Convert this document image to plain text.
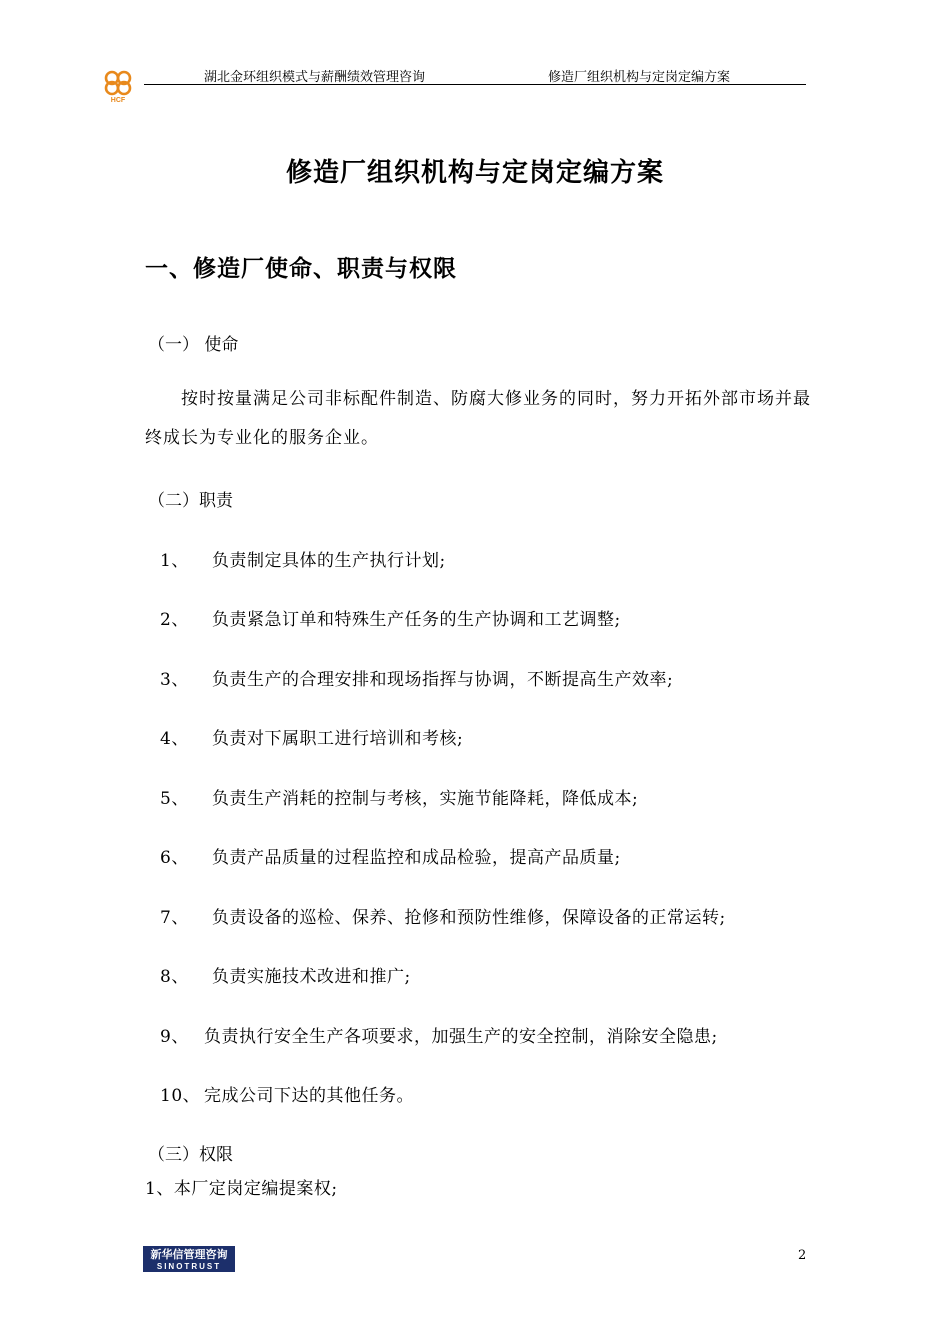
HCF
湖北金环组织模式与薪酬绩效管理咨询	修造厂组织机构与定岗定编方案
修造厂组织机构与定岗定编方案
一、修造厂使命、职责与权限
（一） 使命
按时按量满足公司非标配件制造、防腐大修业务的同时，努力开拓外部市场并最终成长为专业化的服务企业。
（二）职责
1、 负责制定具体的生产执行计划;
2、 负责紧急订单和特殊生产任务的生产协调和工艺调整;
3、 负责生产的合理安排和现场指挥与协调，不断提高生产效率;
4、 负责对下属职工进行培训和考核;
5、 负责生产消耗的控制与考核，实施节能降耗，降低成本;
6、 负责产品质量的过程监控和成品检验，提高产品质量;
7、 负责设备的巡检、保养、抢修和预防性维修，保障设备的正常运转;
8、 负责实施技术改进和推广;
9、 负责执行安全生产各项要求，加强生产的安全控制，消除安全隐患;
10、 完成公司下达的其他任务。
（三）权限
1、本厂定岗定编提案权;
新华信管理咨询
SINOTRUST
2
